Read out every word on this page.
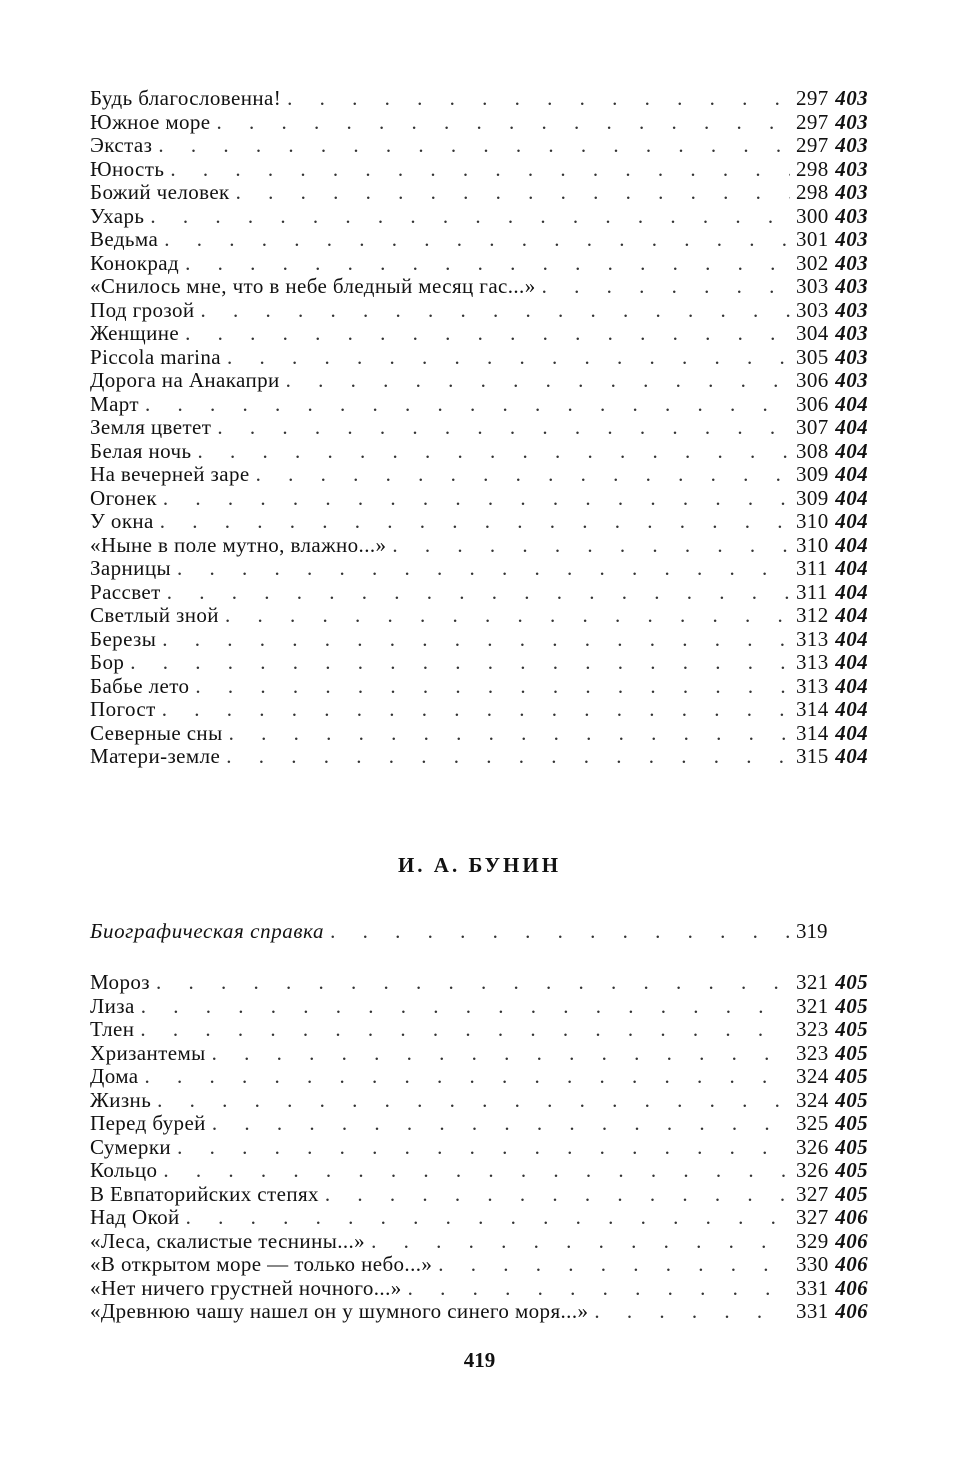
Будь благословенна! . . .	297 403
Южное море . . .	297 403
Экстаз . . .	297 403
Юность . . .	298 403
Божий человек . . .	298 403
Ухарь . . .	300 403
Ведьма . . .	301 403
Конокрад . . .	302 403
«Снилось мне, что в небе бледный месяц гас...» . . .	303 403
Под грозой . . .	303 403
Женщине . . .	304 403
Piccola marina . . .	305 403
Дорога на Анакапри . . .	306 403
Март . . .	306 404
Земля цветет . . .	307 404
Белая ночь . . .	308 404
На вечерней заре . . .	309 404
Огонек . . .	309 404
У окна . . .	310 404
«Ныне в поле мутно, влажно...» . . .	310 404
Зарницы . . .	311 404
Рассвет . . .	311 404
Светлый зной . . .	312 404
Березы . . .	313 404
Бор . . .	313 404
Бабье лето . . .	313 404
Погост . . .	314 404
Северные сны . . .	314 404
Матери-земле . . .	315 404
И. А. БУНИН
Биографическая справка . . .	319
Мороз . . .	321 405
Лиза . . .	321 405
Тлен . . .	323 405
Хризантемы . . .	323 405
Дома . . .	324 405
Жизнь . . .	324 405
Перед бурей . . .	325 405
Сумерки . . .	326 405
Кольцо . . .	326 405
В Евпаторийских степях . . .	327 405
Над Окой . . .	327 406
«Леса, скалистые теснины...» . . .	329 406
«В открытом море — только небо...» . . .	330 406
«Нет ничего грустней ночного...» . . .	331 406
«Древнюю чашу нашел он у шумного синего моря...» . . .	331 406
419
